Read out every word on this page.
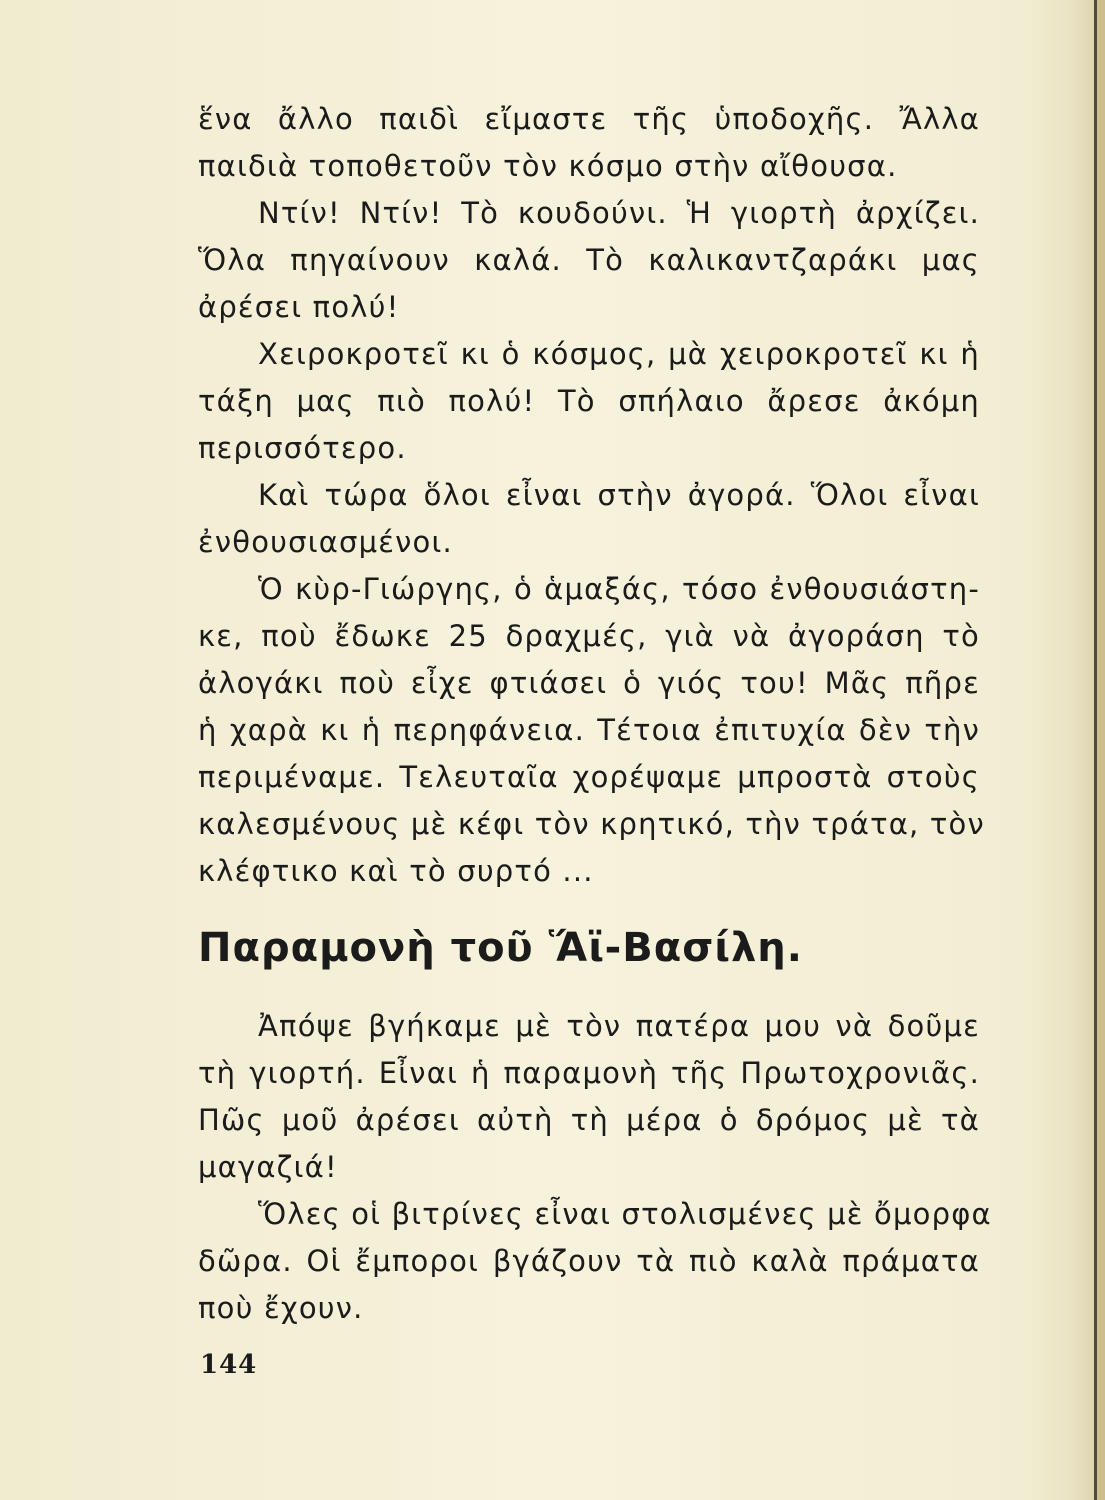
ἕνα ἄλλο παιδὶ εἴμαστε τῆς ὑποδοχῆς. Ἄλλα
παιδιὰ τοποθετοῦν τὸν κόσμο στὴν αἴθουσα.

Ντίν! Ντίν! Τὸ κουδούνι. Ἡ γιορτὴ ἀρχίζει.
Ὅλα πηγαίνουν καλά. Τὸ καλικαντζαράκι μας
ἀρέσει πολύ!

Χειροκροτεῖ κι ὁ κόσμος, μὰ χειροκροτεῖ κι ἡ
τάξη μας πιὸ πολύ! Τὸ σπήλαιο ἄρεσε ἀκόμη
περισσότερο.

Καὶ τώρα ὅλοι εἶναι στὴν ἀγορά. Ὅλοι εἶναι
ἐνθουσιασμένοι.

Ὁ κὺρ-Γιώργης, ὁ ἁμαξάς, τόσο ἐνθουσιάστη-
κε, ποὺ ἔδωκε 25 δραχμές, γιὰ νὰ ἀγοράση τὸ
ἀλογάκι ποὺ εἶχε φτιάσει ὁ γιός του! Μᾶς πῆρε
ἡ χαρὰ κι ἡ περηφάνεια. Τέτοια ἐπιτυχία δὲν τὴν
περιμέναμε. Τελευταῖα χορέψαμε μπροστὰ στοὺς
καλεσμένους μὲ κέφι τὸν κρητικό, τὴν τράτα, τὸν
κλέφτικο καὶ τὸ συρτό ...

Παραμονὴ τοῦ Ἅϊ-Βασίλη.

Ἀπόψε βγήκαμε μὲ τὸν πατέρα μου νὰ δοῦμε
τὴ γιορτή. Εἶναι ἡ παραμονὴ τῆς Πρωτοχρονιᾶς.
Πῶς μοῦ ἀρέσει αὐτὴ τὴ μέρα ὁ δρόμος μὲ τὰ
μαγαζιά!

Ὅλες οἱ βιτρίνες εἶναι στολισμένες μὲ ὄμορφα
δῶρα. Οἱ ἔμποροι βγάζουν τὰ πιὸ καλὰ πράματα
ποὺ ἔχουν.

144
